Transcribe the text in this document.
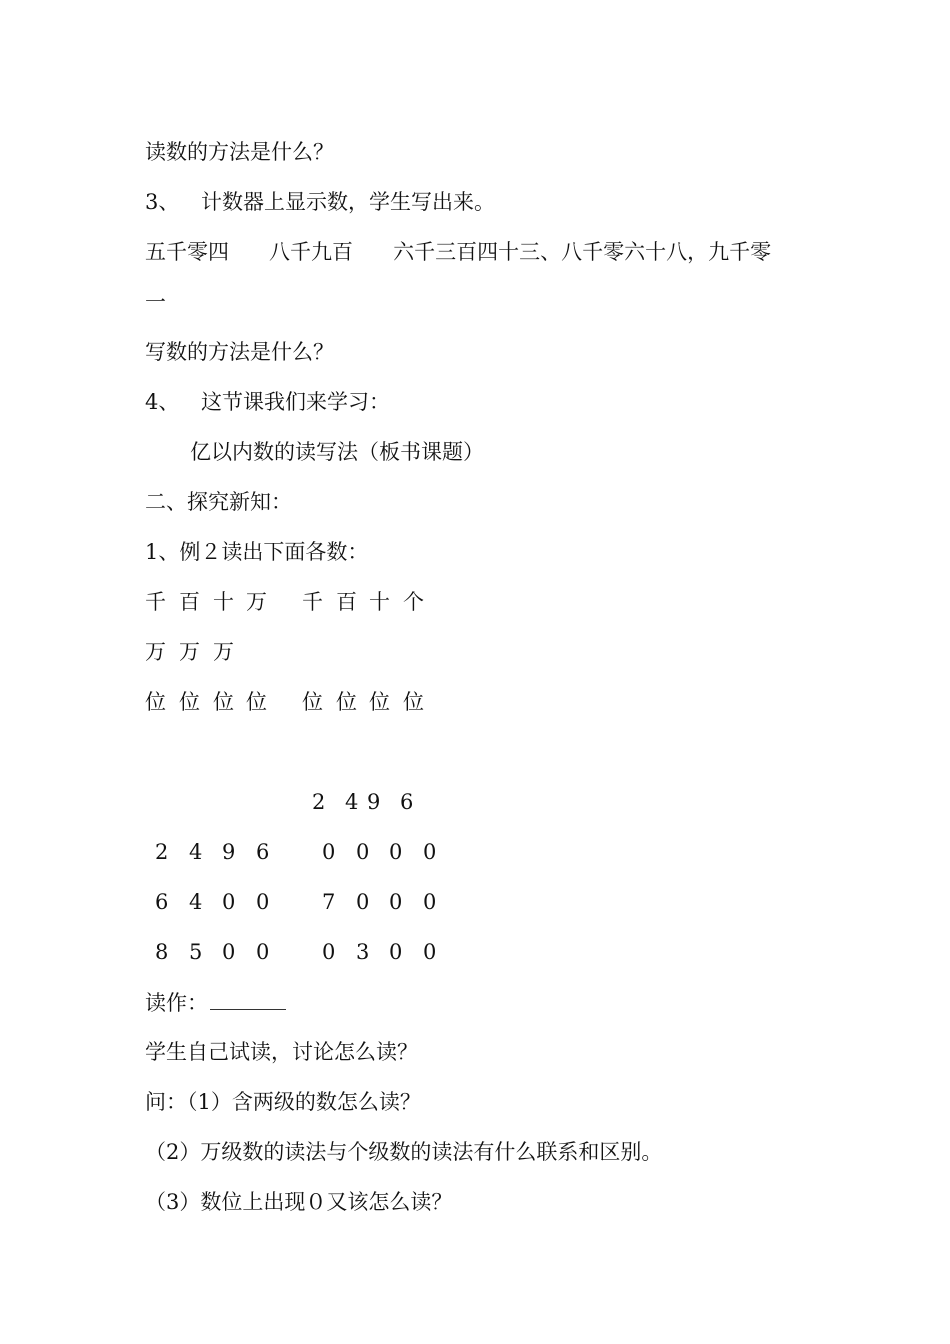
读数的方法是什么？
3、 计数器上显示数，学生写出来。
五千零四      八千九百      六千三百四十三、八千零六十八，九千零
一
写数的方法是什么？
4、 这节课我们来学习：
亿以内数的读写法（板书课题）
二、探究新知：
1、例２读出下面各数：
千 百 十 万 千 百 十 个
万 万 万
位 位 位 位 位 位 位 位
2 4 9 6
2 4 9 6	0 0 0 0
6 4 0 0	7 0 0 0
8 5 0 0	0 3 0 0
读作：
学生自己试读，讨论怎么读？
问：（1）含两级的数怎么读？
（2）万级数的读法与个级数的读法有什么联系和区别。
（3）数位上出现０又该怎么读？
